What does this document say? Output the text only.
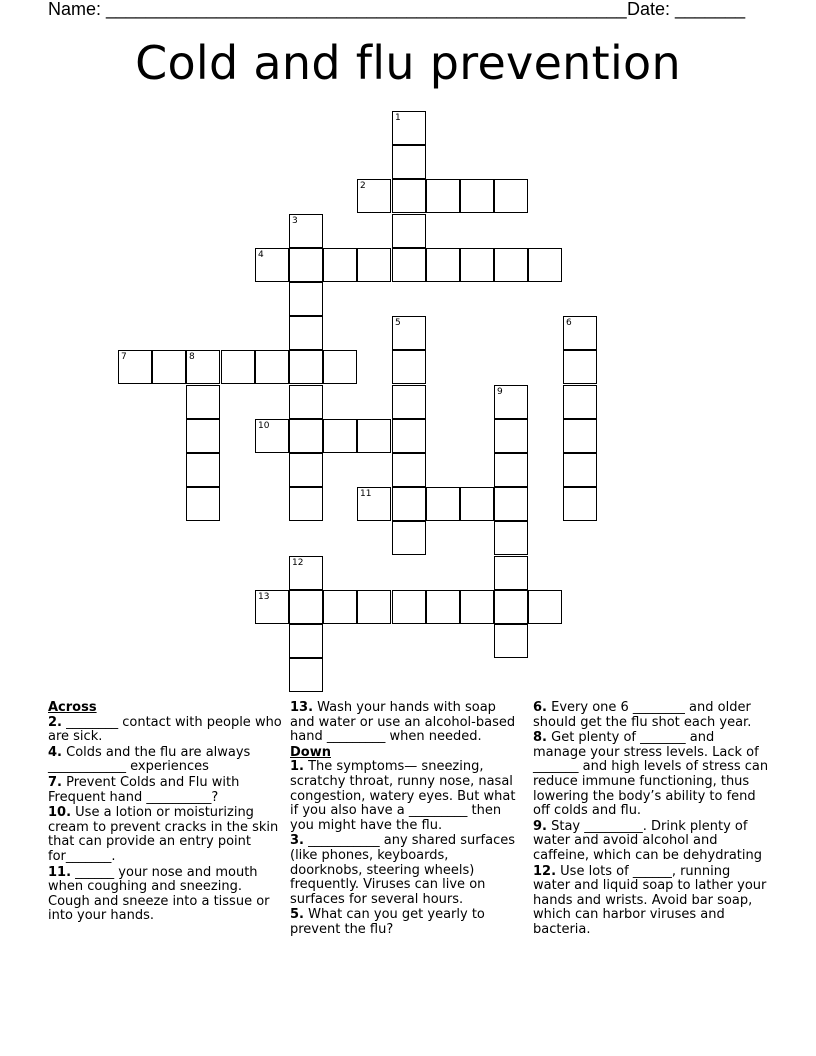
Name: ____________________________________________________ Date: _______
Cold and flu prevention
1
2
3
4
5	6
7	8
9
10
11
12
13
Across
2. ________ contact with people who are sick.
4. Colds and the flu are always ____________ experiences
7. Prevent Colds and Flu with Frequent hand __________?
10. Use a lotion or moisturizing cream to prevent cracks in the skin that can provide an entry point for_______.
11. ______ your nose and mouth when coughing and sneezing. Cough and sneeze into a tissue or into your hands.
13. Wash your hands with soap and water or use an alcohol-based hand _________ when needed.
Down
1. The symptoms— sneezing, scratchy throat, runny nose, nasal congestion, watery eyes. But what if you also have a _________ then you might have the flu.
3. ___________ any shared surfaces (like phones, keyboards, doorknobs, steering wheels) frequently. Viruses can live on surfaces for several hours.
5. What can you get yearly to prevent the flu?
6. Every one 6 ________ and older should get the flu shot each year.
8. Get plenty of _______ and manage your stress levels. Lack of _______ and high levels of stress can reduce immune functioning, thus lowering the body’s ability to fend off colds and flu.
9. Stay _________. Drink plenty of water and avoid alcohol and caffeine, which can be dehydrating
12. Use lots of ______, running water and liquid soap to lather your hands and wrists. Avoid bar soap, which can harbor viruses and bacteria.
